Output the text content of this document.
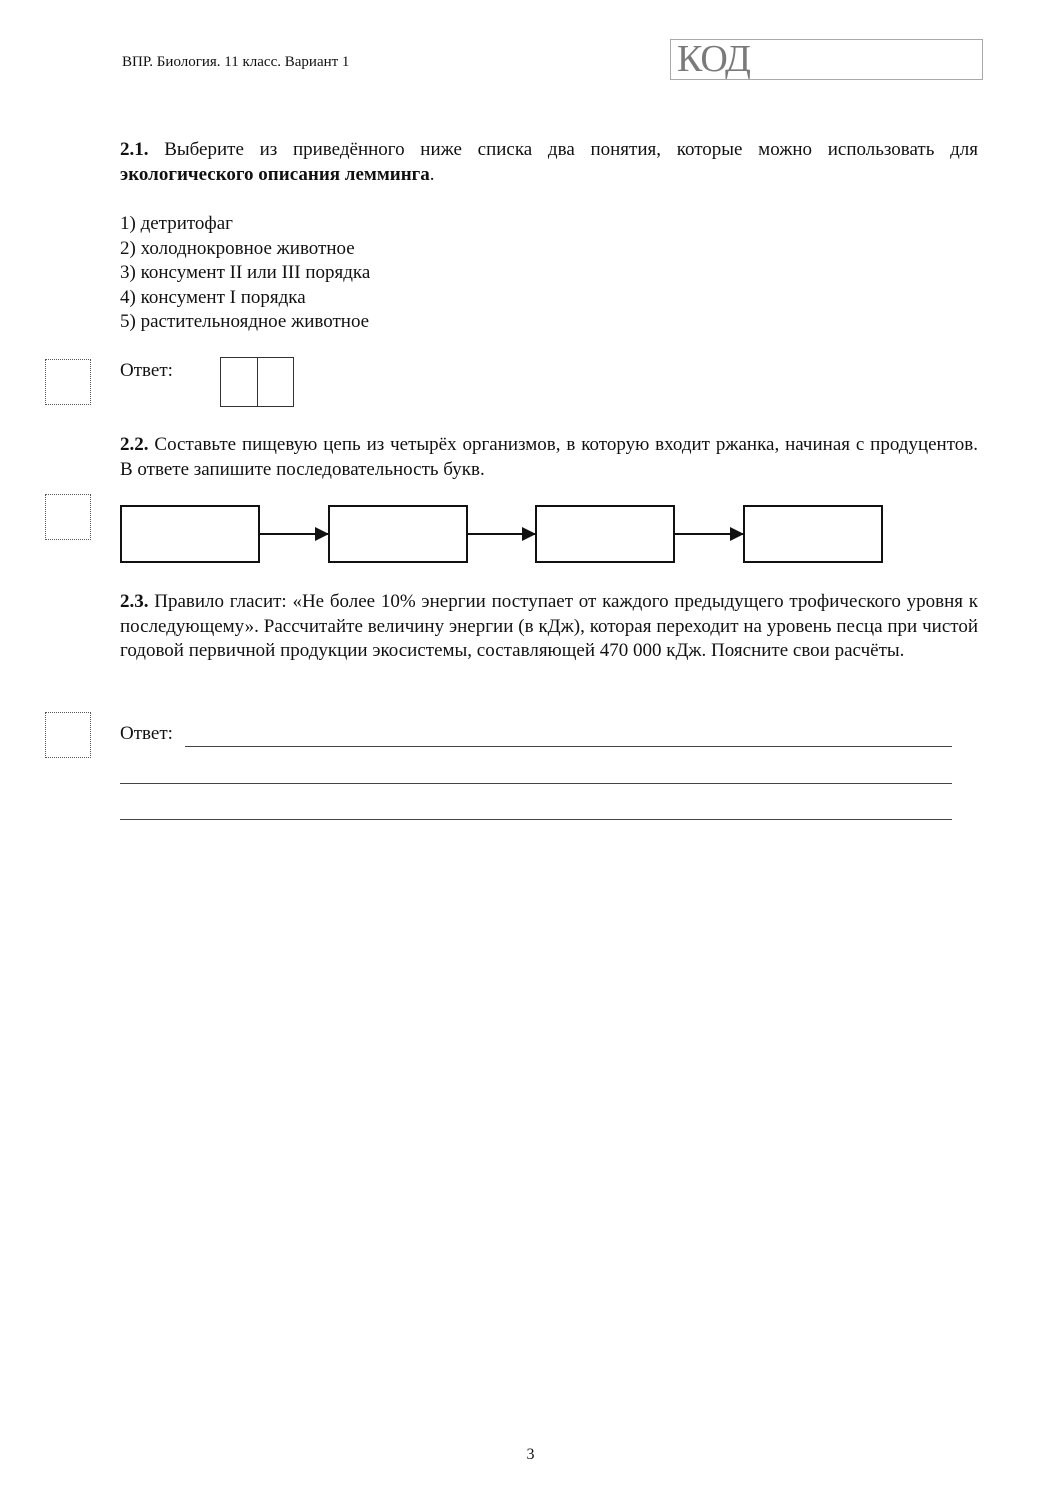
ВПР. Биология. 11 класс. Вариант 1	КОД
2.1. Выберите из приведённого ниже списка два понятия, которые можно использовать для экологического описания лемминга.
1) детритофаг
2) холоднокровное животное
3) консумент II или III порядка
4) консумент I порядка
5) растительноядное животное
Ответ:
2.2. Составьте пищевую цепь из четырёх организмов, в которую входит ржанка, начиная с продуцентов. В ответе запишите последовательность букв.
2.3. Правило гласит: «Не более 10% энергии поступает от каждого предыдущего трофического уровня к последующему». Рассчитайте величину энергии (в кДж), которая переходит на уровень песца при чистой годовой первичной продукции экосистемы, составляющей 470 000 кДж. Поясните свои расчёты.
Ответ:
3
